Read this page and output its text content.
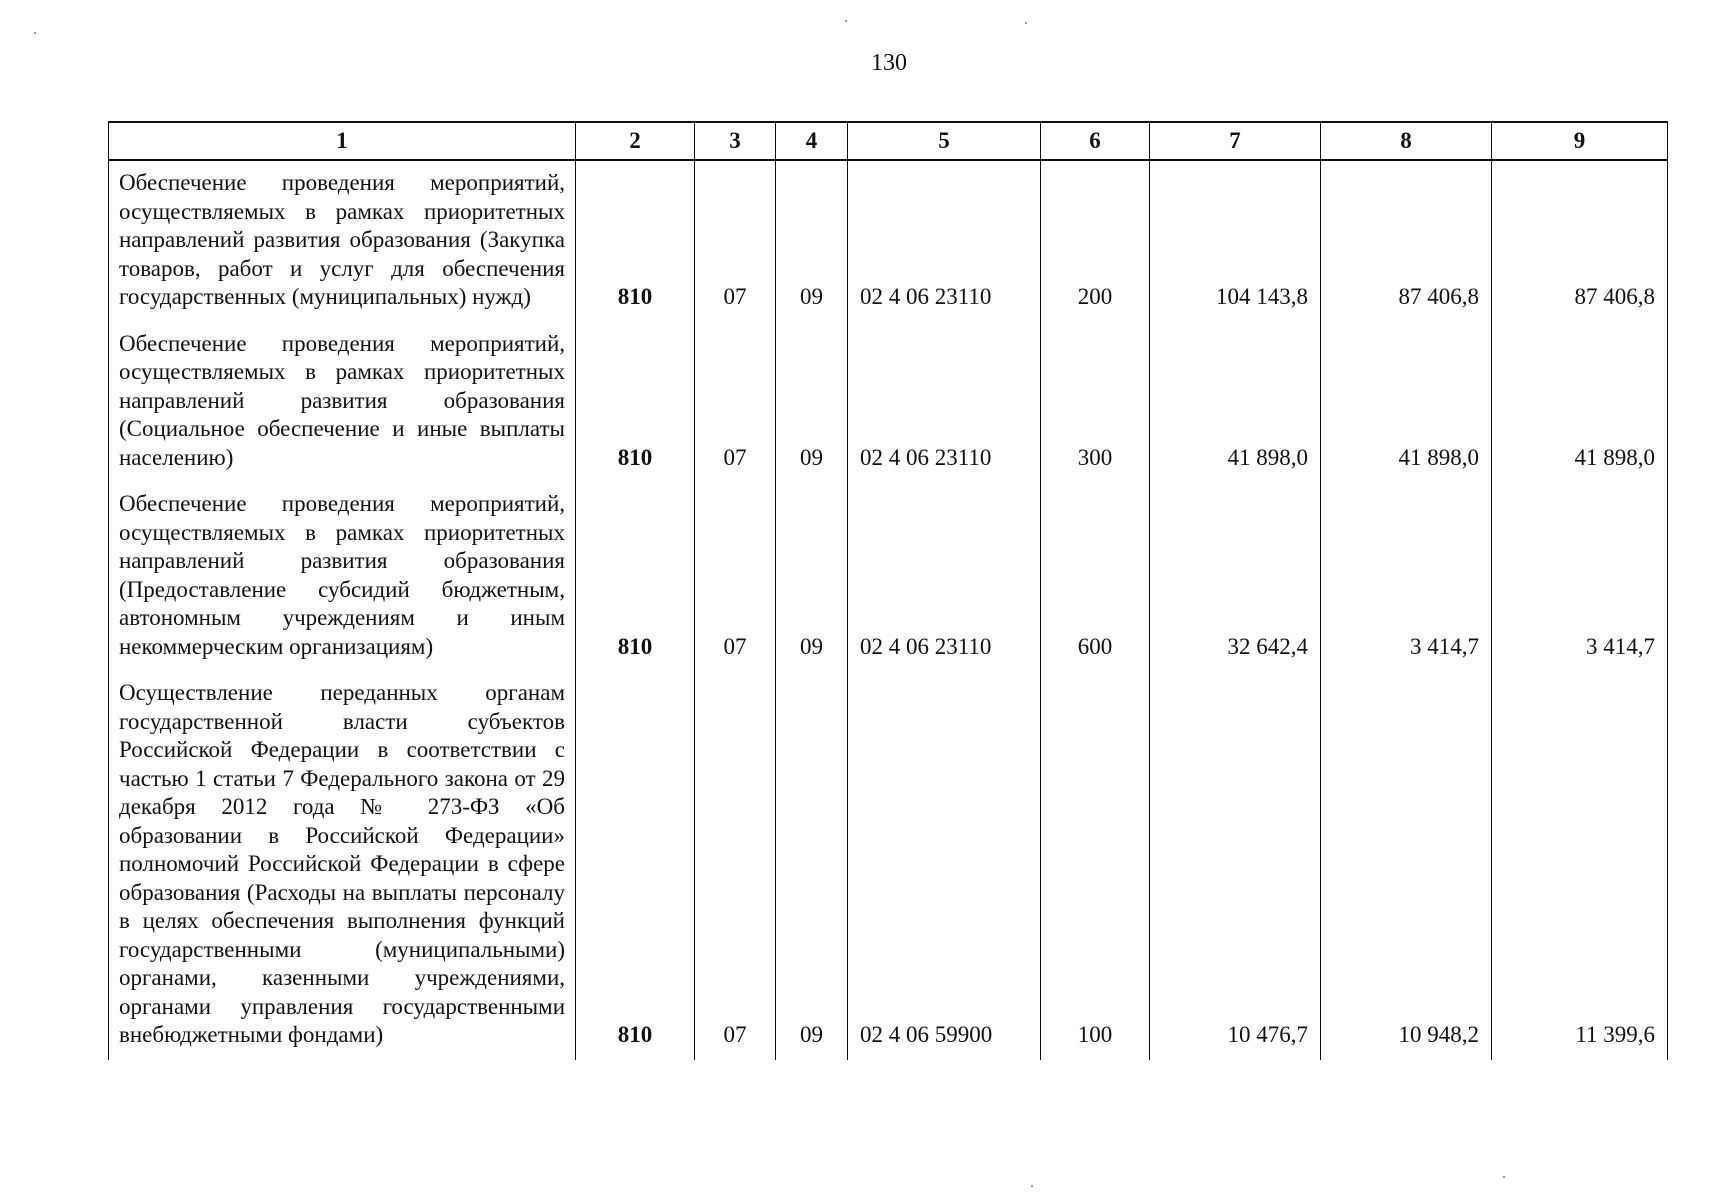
130
1	2	3	4	5	6	7	8	9
Обеспечение проведения мероприятий, осуществляемых в рамках приоритетных направлений развития образования (Закупка товаров, работ и услуг для обеспечения государственных (муниципальных) нужд)	810	07	09	02 4 06 23110	200	104 143,8	87 406,8	87 406,8
Обеспечение проведения мероприятий, осуществляемых в рамках приоритетных направлений развития образования (Социальное обеспечение и иные выплаты населению)	810	07	09	02 4 06 23110	300	41 898,0	41 898,0	41 898,0
Обеспечение проведения мероприятий, осуществляемых в рамках приоритетных направлений развития образования (Предоставление субсидий бюджетным, автономным учреждениям и иным некоммерческим организациям)	810	07	09	02 4 06 23110	600	32 642,4	3 414,7	3 414,7
Осуществление переданных органам государственной власти субъектов Российской Федерации в соответствии с частью 1 статьи 7 Федерального закона от 29 декабря 2012 года № 273-ФЗ «Об образовании в Российской Федерации» полномочий Российской Федерации в сфере образования (Расходы на выплаты персоналу в целях обеспечения выполнения функций государственными (муниципальными) органами, казенными учреждениями, органами управления государственными внебюджетными фондами)	810	07	09	02 4 06 59900	100	10 476,7	10 948,2	11 399,6
